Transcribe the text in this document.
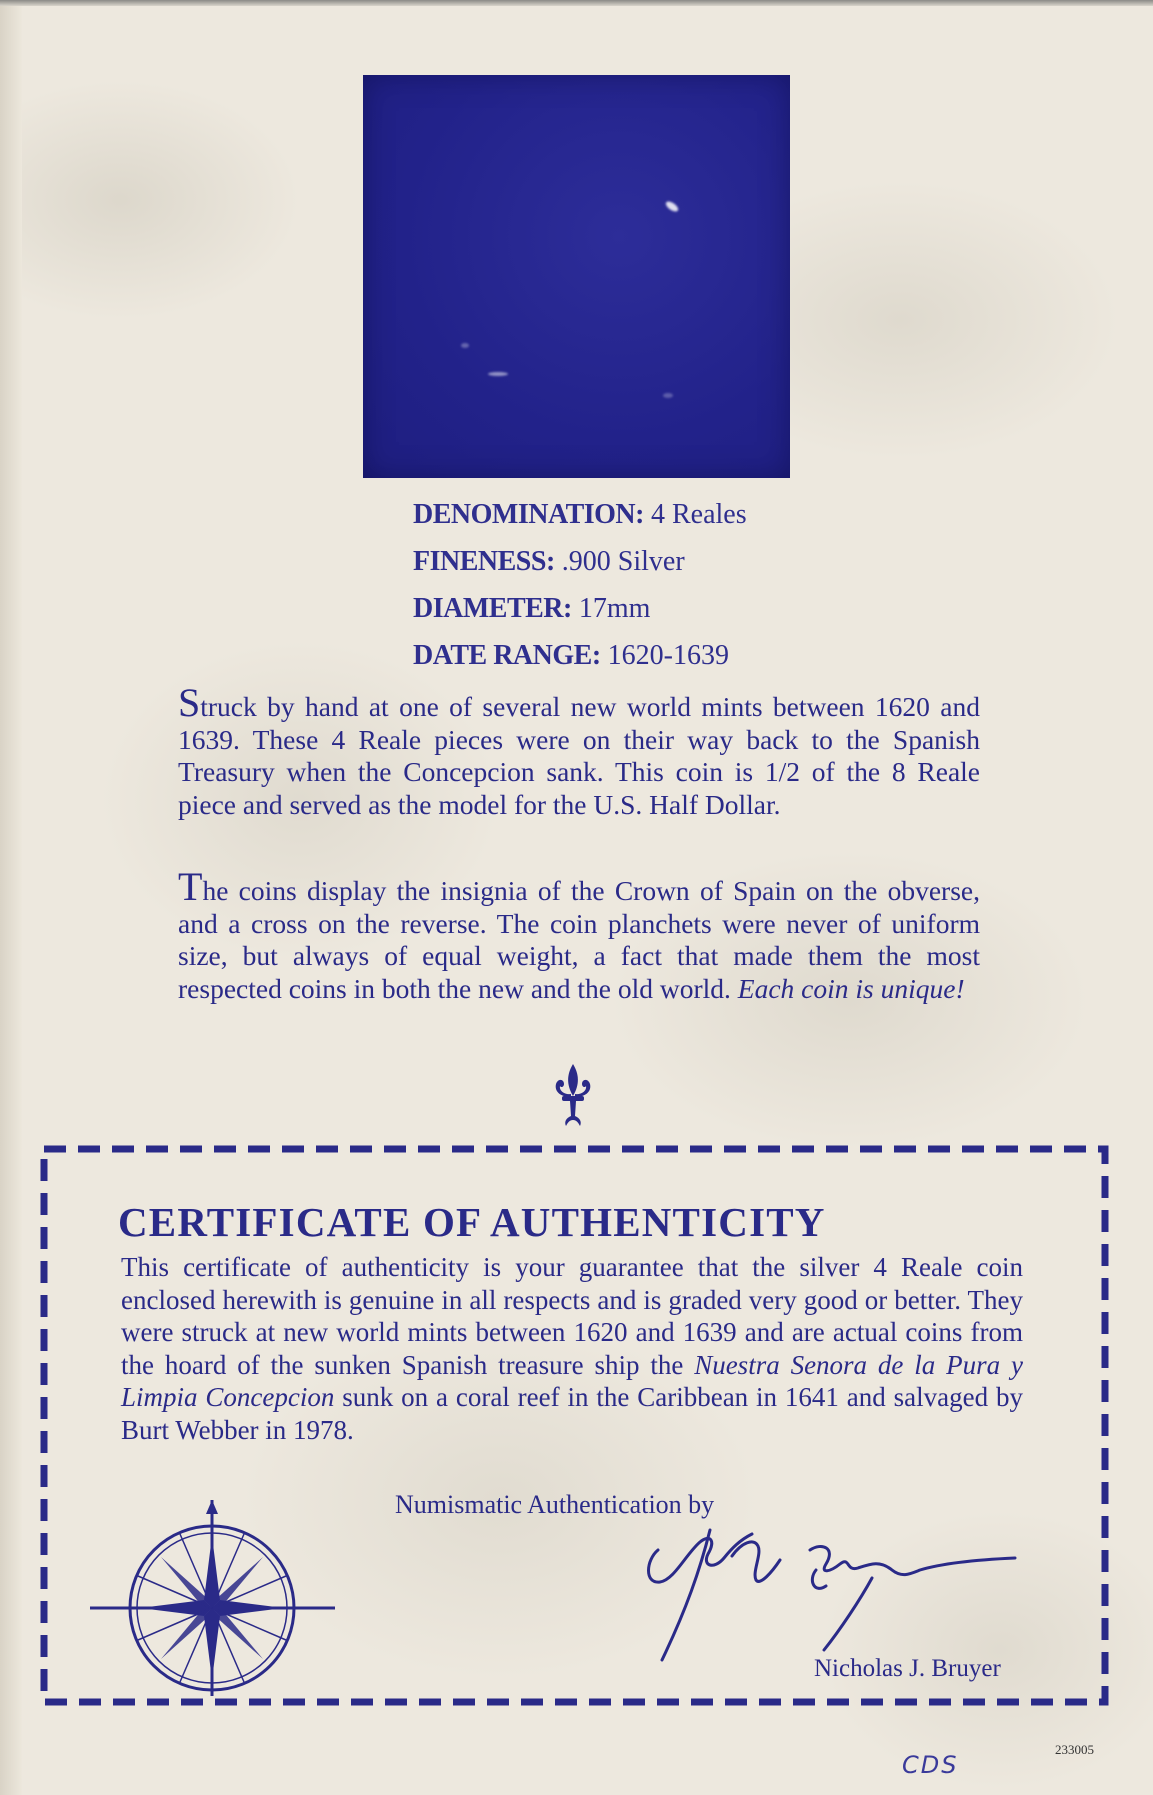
DENOMINATION: 4 Reales
FINENESS: .900 Silver
DIAMETER: 17mm
DATE RANGE: 1620-1639

Struck by hand at one of several new world mints between 1620 and 1639. These 4 Reale pieces were on their way back to the Spanish Treasury when the Concepcion sank. This coin is 1/2 of the 8 Reale piece and served as the model for the U.S. Half Dollar.

The coins display the insignia of the Crown of Spain on the obverse, and a cross on the reverse. The coin planchets were never of uniform size, but always of equal weight, a fact that made them the most respected coins in both the new and the old world. Each coin is unique!

CERTIFICATE OF AUTHENTICITY

This certificate of authenticity is your guarantee that the silver 4 Reale coin enclosed herewith is genuine in all respects and is graded very good or better. They were struck at new world mints between 1620 and 1639 and are actual coins from the hoard of the sunken Spanish treasure ship the Nuestra Senora de la Pura y Limpia Concepcion sunk on a coral reef in the Caribbean in 1641 and salvaged by Burt Webber in 1978.

Numismatic Authentication by
Nicholas J. Bruyer
CDS
233005
